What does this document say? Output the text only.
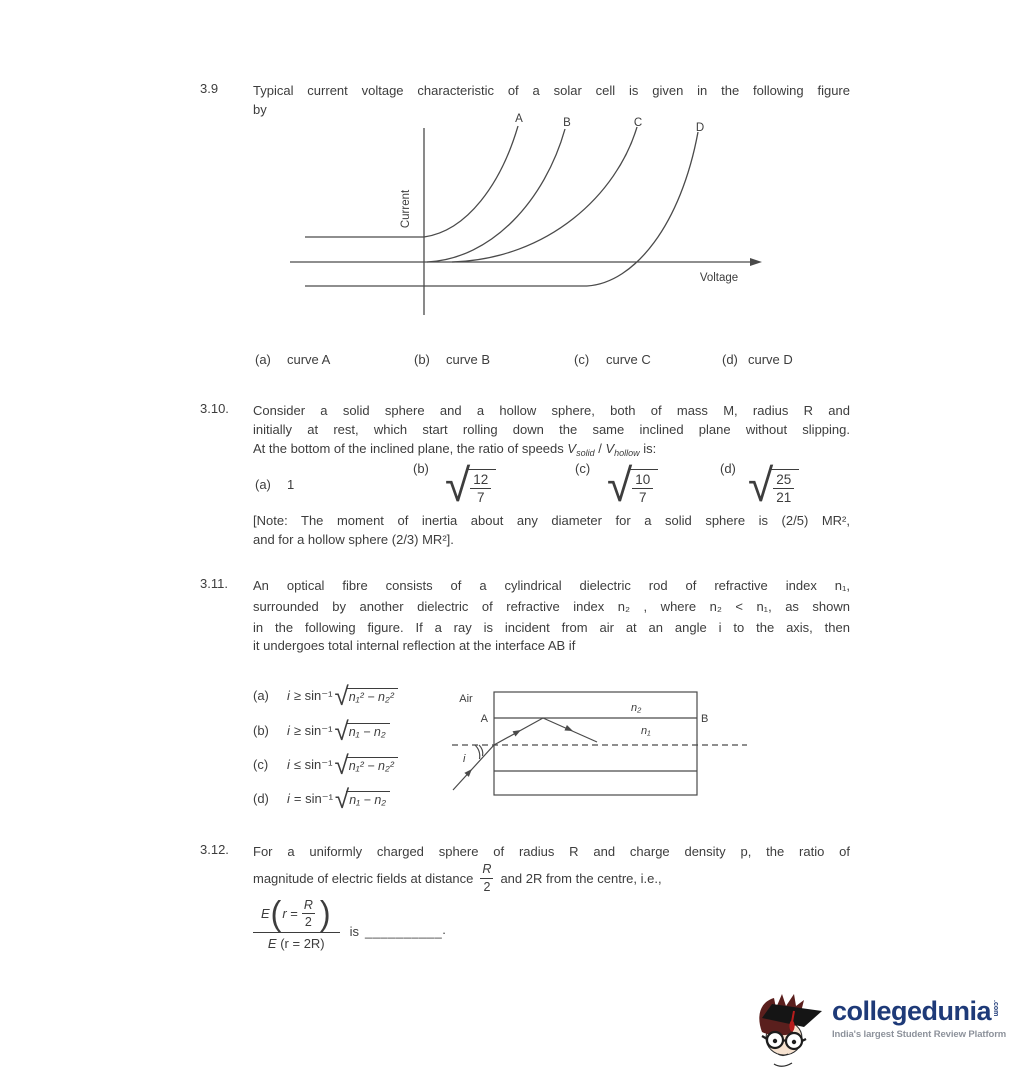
3.9	Typical current voltage characteristic of a solar cell is given in the following figure
by
A	B	C	D
Current
Voltage
(a) curve A	(b) curve B	(c) curve C	(d) curve D
3.10.	Consider a solid sphere and a hollow sphere, both of mass M, radius R and
initially at rest, which start rolling down the same inclined plane without slipping.
At the bottom of the inclined plane, the ratio of speeds $V_{solid} / V_{hollow}$ is:
(a) 1
(b) √ 12
7
(c) √ 10
7
(d) √ 25
21
[Note: The moment of inertia about any diameter for a solid sphere is (2/5) MR²,
and for a hollow sphere (2/3) MR²].
3.11.	An optical fibre consists of a cylindrical dielectric rod of refractive index n₁,
surrounded by another dielectric of refractive index n₂ , where n₂ < n₁, as shown
in the following figure. If a ray is incident from air at an angle i to the axis, then
it undergoes total internal reflection at the interface AB if
(a) i ≥ sin⁻¹ √ n₁² − n₂²
(b) i ≥ sin⁻¹ √ n₁ − n₂
(c) i ≤ sin⁻¹ √ n₁² − n₂²
(d) i = sin⁻¹ √ n₁ − n₂
Air
A	B
n₂
n₁
i
3.12.	For a uniformly charged sphere of radius R and charge density p, the ratio of
magnitude of electric fields at distance
R
2
and 2R from the centre, i.e.,
E ( r
= $\frac{R}{2}$ )
E (r = 2R) is __________ .
collegedunia .com
India's largest Student Review Platform
